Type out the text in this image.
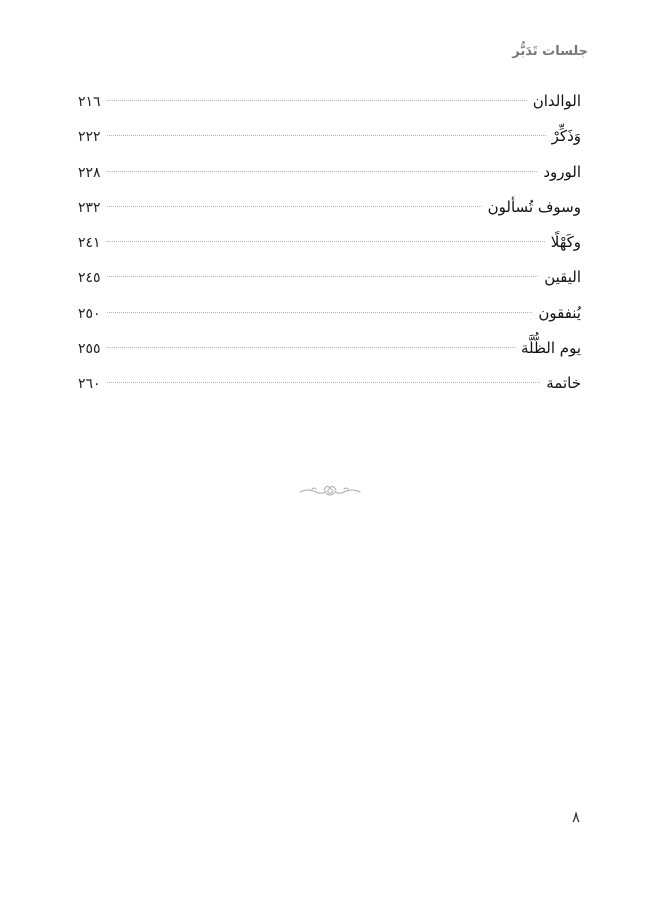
جلسات تَدَبُّر
الوالدان
٢١٦
وَذَكِّرْ
٢٢٢
الورود
٢٢٨
وسوف تُسألون
٢٣٢
وكَهْلًا
٢٤١
اليقين
٢٤٥
يُنفقون
٢٥٠
يوم الظُّلَّة
٢٥٥
خاتمة
٢٦٠
٨
